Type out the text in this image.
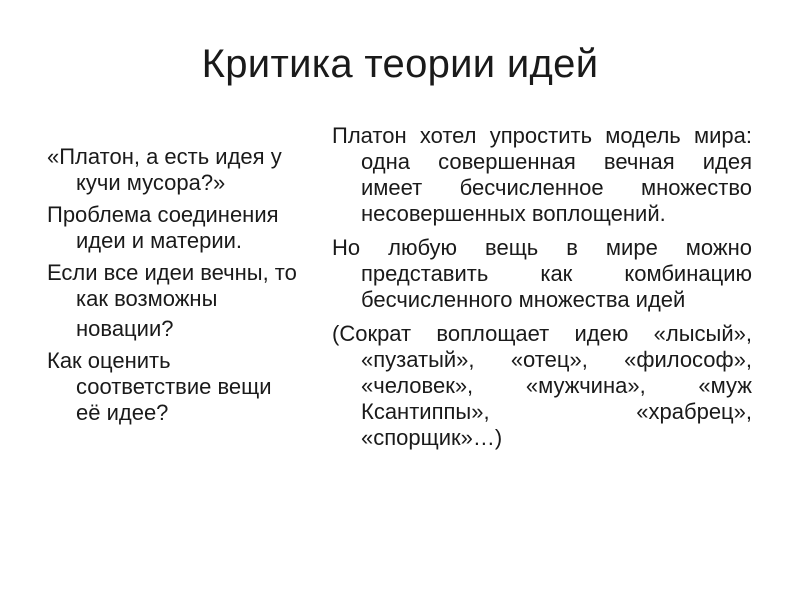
Критика теории идей

«Платон, а есть идея у кучи мусора?»

Проблема соединения идеи и материи.

Если все идеи вечны, то как возможны

новации?

Как оценить соответствие вещи её идее?

Платон хотел упростить модель мира: одна совершенная вечная идея имеет бесчисленное множество несовершенных воплощений.

Но любую вещь в мире можно представить как комбинацию бесчисленного множества идей

(Сократ воплощает идею «лысый», «пузатый», «отец», «философ», «человек», «мужчина», «муж Ксантиппы», «храбрец», «спорщик»…)
